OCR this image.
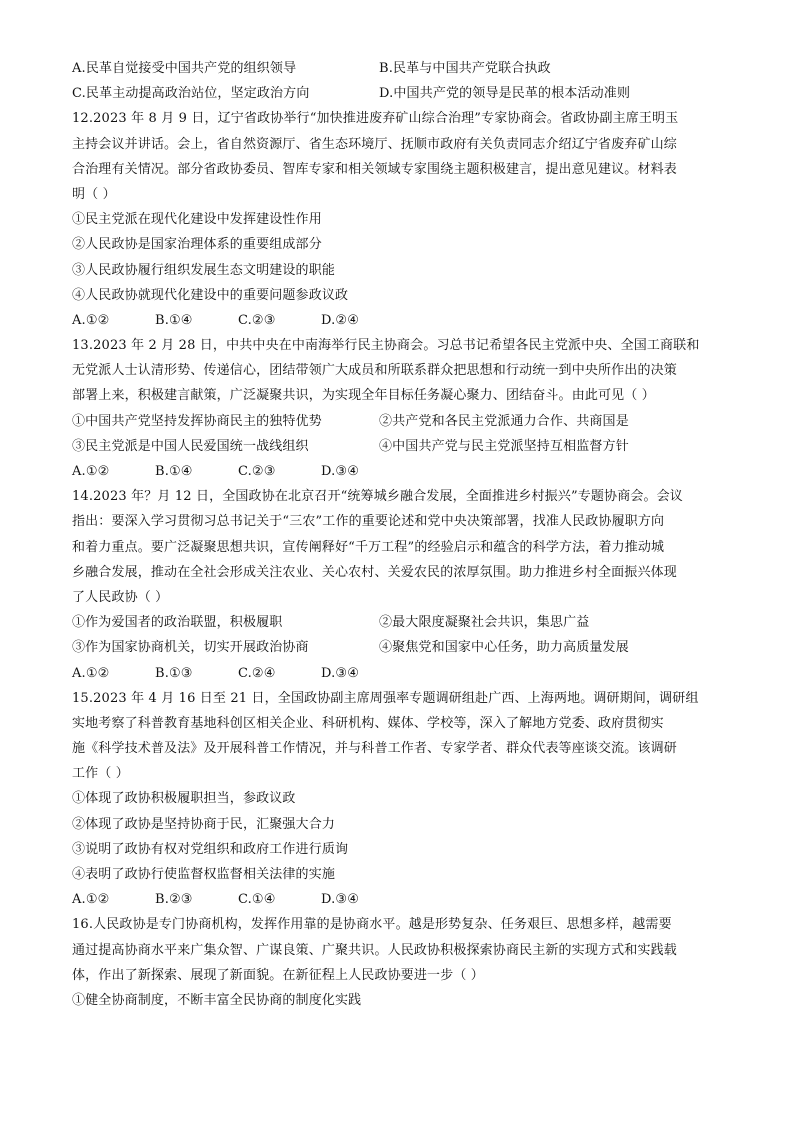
A.民革自觉接受中国共产党的组织领导	B.民革与中国共产党联合执政
C.民革主动提高政治站位，坚定政治方向	D.中国共产党的领导是民革的根本活动准则
12.2023 年 8 月 9 日，辽宁省政协举行“加快推进废弃矿山综合治理”专家协商会。省政协副主席王明玉
主持会议并讲话。会上，省自然资源厅、省生态环境厅、抚顺市政府有关负责同志介绍辽宁省废弃矿山综
合治理有关情况。部分省政协委员、智库专家和相关领域专家围绕主题积极建言，提出意见建议。材料表
明（ ）
①民主党派在现代化建设中发挥建设性作用
②人民政协是国家治理体系的重要组成部分
③人民政协履行组织发展生态文明建设的职能
④人民政协就现代化建设中的重要问题参政议政
A.①②	B.①④	C.②③	D.②④
13.2023 年 2 月 28 日，中共中央在中南海举行民主协商会。习总书记希望各民主党派中央、全国工商联和
无党派人士认清形势、传递信心，团结带领广大成员和所联系群众把思想和行动统一到中央所作出的决策
部署上来，积极建言献策，广泛凝聚共识，为实现全年目标任务凝心聚力、团结奋斗。由此可见（ ）
①中国共产党坚持发挥协商民主的独特优势	②共产党和各民主党派通力合作、共商国是
③民主党派是中国人民爱国统一战线组织	④中国共产党与民主党派坚持互相监督方针
A.①②	B.①④	C.②③	D.③④
14.2023 年？月 12 日，全国政协在北京召开“统筹城乡融合发展，全面推进乡村振兴”专题协商会。会议
指出：要深入学习贯彻习总书记关于“三农”工作的重要论述和党中央决策部署，找准人民政协履职方向
和着力重点。要广泛凝聚思想共识，宣传阐释好“千万工程”的经验启示和蕴含的科学方法，着力推动城
乡融合发展，推动在全社会形成关注农业、关心农村、关爱农民的浓厚氛围。助力推进乡村全面振兴体现
了人民政协（ ）
①作为爱国者的政治联盟，积极履职	②最大限度凝聚社会共识，集思广益
③作为国家协商机关，切实开展政治协商	④聚焦党和国家中心任务，助力高质量发展
A.①②	B.①③	C.②④	D.③④
15.2023 年 4 月 16 日至 21 日，全国政协副主席周强率专题调研组赴广西、上海两地。调研期间，调研组
实地考察了科普教育基地科创区相关企业、科研机构、媒体、学校等，深入了解地方党委、政府贯彻实
施《科学技术普及法》及开展科普工作情况，并与科普工作者、专家学者、群众代表等座谈交流。该调研
工作（ ）
①体现了政协积极履职担当，参政议政
②体现了政协是坚持协商于民，汇聚强大合力
③说明了政协有权对党组织和政府工作进行质询
④表明了政协行使监督权监督相关法律的实施
A.①②	B.②③	C.①④	D.③④
16.人民政协是专门协商机构，发挥作用靠的是协商水平。越是形势复杂、任务艰巨、思想多样，越需要
通过提高协商水平来广集众智、广谋良策、广聚共识。人民政协积极探索协商民主新的实现方式和实践载
体，作出了新探索、展现了新面貌。在新征程上人民政协要进一步（ ）
①健全协商制度，不断丰富全民协商的制度化实践
